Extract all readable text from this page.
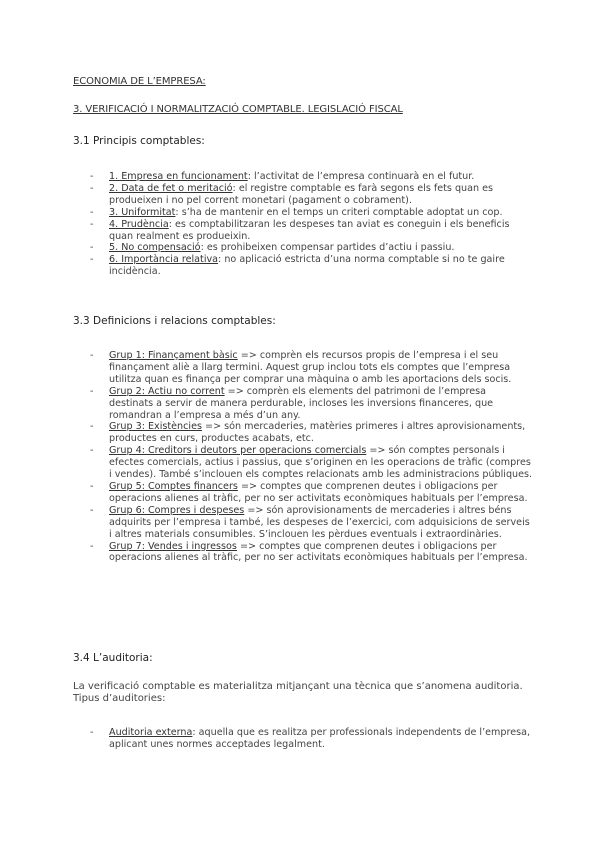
ECONOMIA DE L’EMPRESA:
3. VERIFICACIÓ I NORMALITZACIÓ COMPTABLE. LEGISLACIÓ FISCAL
3.1 Principis comptables:
- 1. Empresa en funcionament: l’activitat de l’empresa continuarà en el futur.
- 2. Data de fet o meritació: el registre comptable es farà segons els fets quan es produeixen i no pel corrent monetari (pagament o cobrament).
- 3. Uniformitat: s’ha de mantenir en el temps un criteri comptable adoptat un cop.
- 4. Prudència: es comptabilitzaran les despeses tan aviat es coneguin i els beneficis quan realment es produeixin.
- 5. No compensació: es prohibeixen compensar partides d’actiu i passiu.
- 6. Importància relativa: no aplicació estricta d’una norma comptable si no te gaire incidència.
3.3 Definicions i relacions comptables:
- Grup 1: Finançament bàsic => comprèn els recursos propis de l’empresa i el seu finançament aliè a llarg termini. Aquest grup inclou tots els comptes que l’empresa utilitza quan es finança per comprar una màquina o amb les aportacions dels socis.
- Grup 2: Actiu no corrent => comprèn els elements del patrimoni de l’empresa destinats a servir de manera perdurable, incloses les inversions financeres, que romandran a l’empresa a més d’un any.
- Grup 3: Existències => són mercaderies, matèries primeres i altres aprovisionaments, productes en curs, productes acabats, etc.
- Grup 4: Creditors i deutors per operacions comercials => són comptes personals i efectes comercials, actius i passius, que s’originen en les operacions de tràfic (compres i vendes). També s’inclouen els comptes relacionats amb les administracions públiques.
- Grup 5: Comptes financers => comptes que comprenen deutes i obligacions per operacions alienes al tràfic, per no ser activitats econòmiques habituals per l’empresa.
- Grup 6: Compres i despeses => són aprovisionaments de mercaderies i altres béns adquirits per l’empresa i també, les despeses de l’exercici, com adquisicions de serveis i altres materials consumibles. S’inclouen les pèrdues eventuals i extraordinàries.
- Grup 7: Vendes i ingressos => comptes que comprenen deutes i obligacions per operacions alienes al tràfic, per no ser activitats econòmiques habituals per l’empresa.
3.4 L’auditoria:
La verificació comptable es materialitza mitjançant una tècnica que s’anomena auditoria. Tipus d’auditories:
- Auditoria externa: aquella que es realitza per professionals independents de l’empresa, aplicant unes normes acceptades legalment.
